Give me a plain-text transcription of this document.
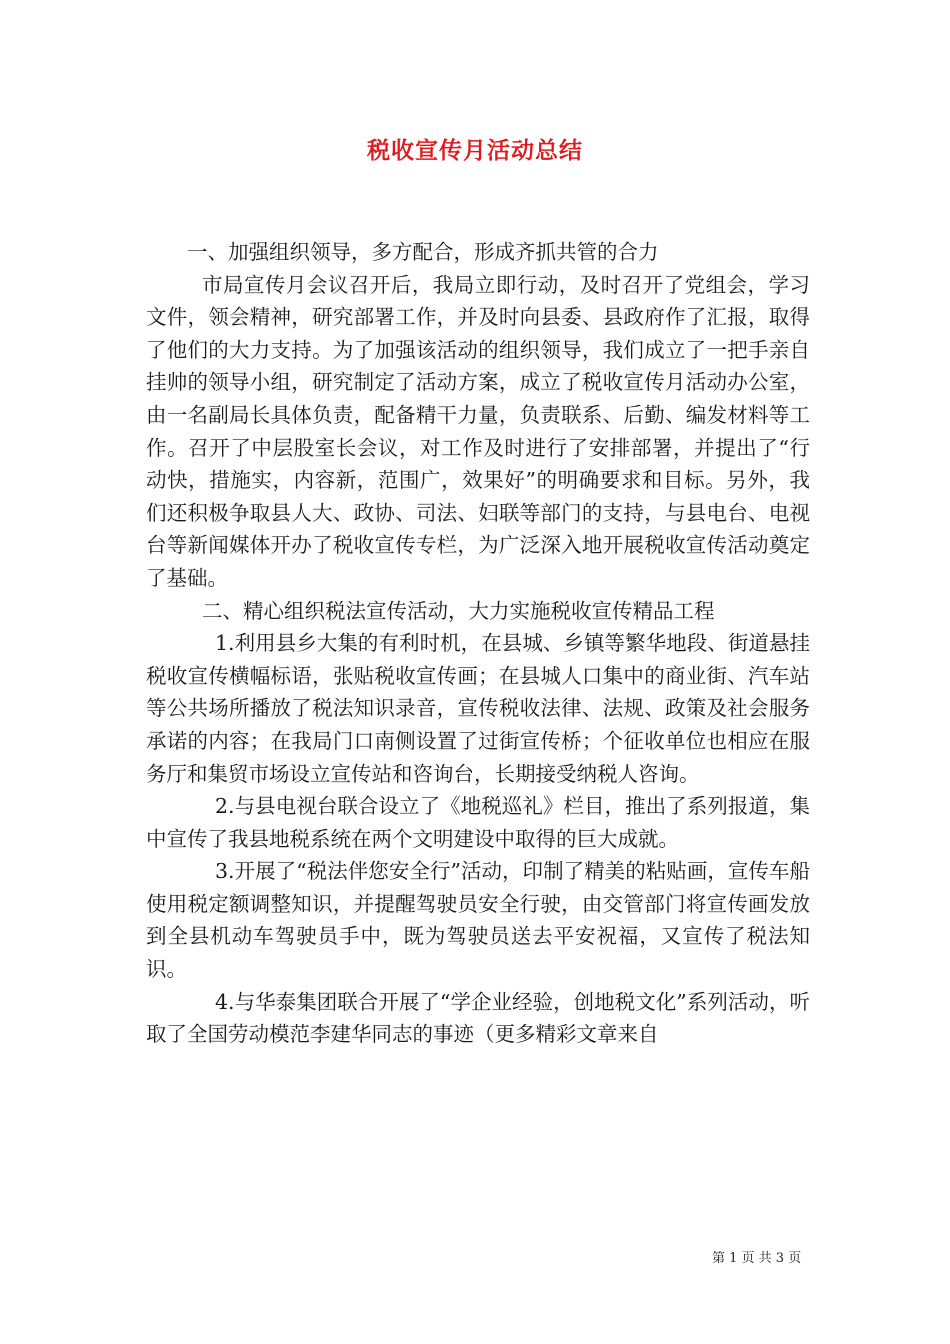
税收宣传月活动总结

一、加强组织领导，多方配合，形成齐抓共管的合力

市局宣传月会议召开后，我局立即行动，及时召开了党组会，学习文件，领会精神，研究部署工作，并及时向县委、县政府作了汇报，取得了他们的大力支持。为了加强该活动的组织领导，我们成立了一把手亲自挂帅的领导小组，研究制定了活动方案，成立了税收宣传月活动办公室，由一名副局长具体负责，配备精干力量，负责联系、后勤、编发材料等工作。召开了中层股室长会议，对工作及时进行了安排部署，并提出了“行动快，措施实，内容新，范围广，效果好”的明确要求和目标。另外，我们还积极争取县人大、政协、司法、妇联等部门的支持，与县电台、电视台等新闻媒体开办了税收宣传专栏，为广泛深入地开展税收宣传活动奠定了基础。

二、精心组织税法宣传活动，大力实施税收宣传精品工程

1.利用县乡大集的有利时机，在县城、乡镇等繁华地段、街道悬挂税收宣传横幅标语，张贴税收宣传画；在县城人口集中的商业街、汽车站等公共场所播放了税法知识录音，宣传税收法律、法规、政策及社会服务承诺的内容；在我局门口南侧设置了过街宣传桥；个征收单位也相应在服务厅和集贸市场设立宣传站和咨询台，长期接受纳税人咨询。

2.与县电视台联合设立了《地税巡礼》栏目，推出了系列报道，集中宣传了我县地税系统在两个文明建设中取得的巨大成就。

3.开展了“税法伴您安全行”活动，印制了精美的粘贴画，宣传车船使用税定额调整知识，并提醒驾驶员安全行驶，由交管部门将宣传画发放到全县机动车驾驶员手中，既为驾驶员送去平安祝福，又宣传了税法知识。

4.与华泰集团联合开展了“学企业经验，创地税文化”系列活动，听取了全国劳动模范李建华同志的事迹（更多精彩文章来自

第 1 页 共 3 页
